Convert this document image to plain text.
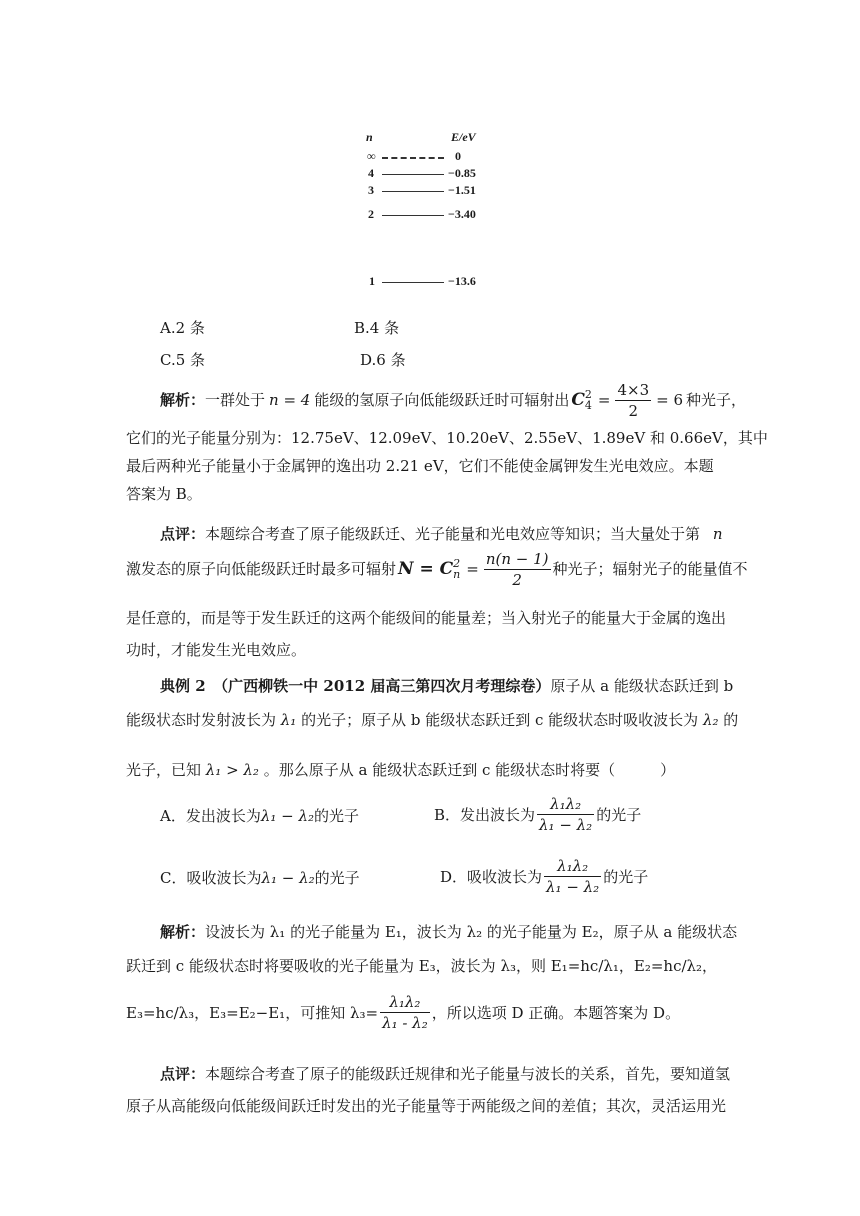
n	E/eV
∞	0
4	−0.85
3	−1.51
2	−3.40
1	−13.6
A.2 条	B.4 条
C.5 条	D.6 条
解析： 一群处于 n = 4 能级的氢原子向低能级跃迁时可辐射出 C 2
$4 = \frac{4\times 3}{2} = 6$ 种光子，
它们的光子能量分别为：12.75eV、12.09eV、10.20eV、2.55eV、1.89eV 和 0.66eV，其中
最后两种光子能量小于金属钾的逸出功 2.21 eV，它们不能使金属钾发生光电效应。本题
答案为 B。
点评：本题综合考查了原子能级跃迁、光子能量和光电效应等知识；当大量处于第 n
激发态的原子向低能级跃迁时最多可辐射 N = C 2
$n = \frac{n(n - 1)}{2}$ 种光子；辐射光子的能量值不
是任意的，而是等于发生跃迁的这两个能级间的能量差；当入射光子的能量大于金属的逸出
功时，才能发生光电效应。
典例 2　（广西柳铁一中 2012 届高三第四次月考理综卷）原子从 a 能级状态跃迁到 b
能级状态时发射波长为 λ₁ 的光子；原子从 b 能级状态跃迁到 c 能级状态时吸收波长为 λ₂ 的
光子，已知 λ₁ > λ₂ 。那么原子从 a 能级状态跃迁到 c 能级状态时将要（　　　）
A．发出波长为λ₁ − λ₂的光子	B．发出波长为 $\frac{\text{λ₁λ₂}}{\text{λ₁ − λ₂}}$ 的光子
C．吸收波长为λ₁ − λ₂的光子	D．吸收波长为 $\frac{\text{λ₁λ₂}}{\text{λ₁ − λ₂}}$ 的光子
解析：设波长为 λ₁ 的光子能量为 E₁，波长为 λ₂ 的光子能量为 E₂，原子从 a 能级状态
跃迁到 c 能级状态时将要吸收的光子能量为 E₃，波长为 λ₃，则 E₁=hc/λ₁，E₂=hc/λ₂，
E₃=hc/λ₃，E₃=E₂−E₁，可推知 $\lambda_3= \frac{\text{λ₁λ₂}}{\text{λ₁ - λ₂}}$ ，所以选项 D 正确。本题答案为 D。
点评：本题综合考查了原子的能级跃迁规律和光子能量与波长的关系，首先，要知道氢
原子从高能级向低能级间跃迁时发出的光子能量等于两能级之间的差值；其次，灵活运用光
